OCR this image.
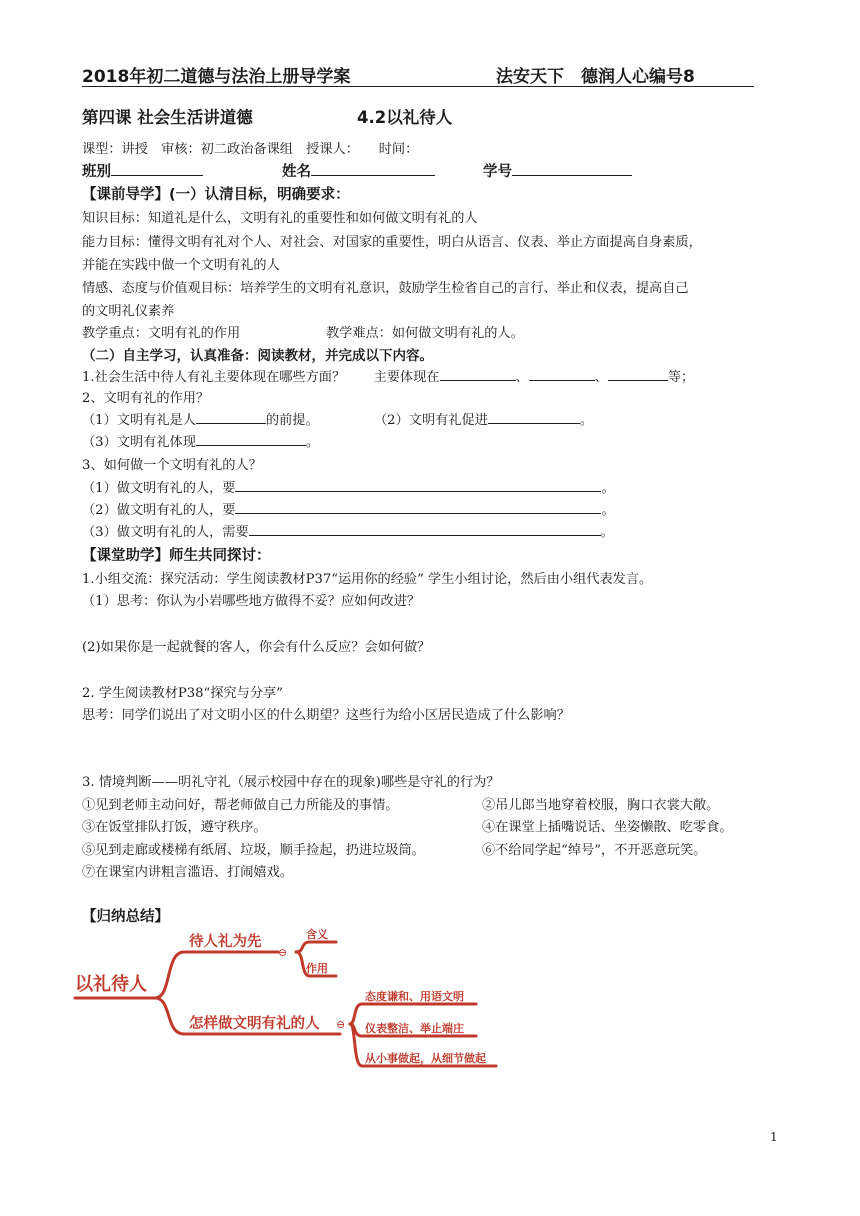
2018年初二道德与法治上册导学案	法安天下　德润人心编号8
第四课 社会生活讲道德	4.2以礼待人
课型：讲授　审核：初二政治备课组　授课人：　　时间：
班别	姓名	学号
【课前导学】(一）认清目标，明确要求：
知识目标：知道礼是什么，文明有礼的重要性和如何做文明有礼的人
能力目标：懂得文明有礼对个人、对社会、对国家的重要性，明白从语言、仪表、举止方面提高自身素质，
并能在实践中做一个文明有礼的人
情感、态度与价值观目标：培养学生的文明有礼意识，鼓励学生检省自己的言行、举止和仪表，提高自己
的文明礼仪素养
教学重点：文明有礼的作用	教学难点：如何做文明有礼的人。
（二）自主学习，认真准备：阅读教材，并完成以下内容。
1.社会生活中待人有礼主要体现在哪些方面？ 主要体现在	、	、	等；
2、文明有礼的作用？
（1）文明有礼是人	的前提。	（2）文明有礼促进	。
（3）文明有礼体现	。
3、如何做一个文明有礼的人？
（1）做文明有礼的人，要	。
（2）做文明有礼的人，要	。
（3）做文明有礼的人，需要	。
【课堂助学】师生共同探讨：
1.小组交流：探究活动：学生阅读教材P37“运用你的经验” 学生小组讨论，然后由小组代表发言。
（1）思考：你认为小岩哪些地方做得不妥？应如何改进？
(2)如果你是一起就餐的客人，你会有什么反应？会如何做？
2. 学生阅读教材P38“探究与分享”
思考：同学们说出了对文明小区的什么期望？这些行为给小区居民造成了什么影响？
3. 情境判断——明礼守礼（展示校园中存在的现象)哪些是守礼的行为？
①见到老师主动问好，帮老师做自己力所能及的事情。	②吊儿郎当地穿着校服，胸口衣裳大敞。
③在饭堂排队打饭，遵守秩序。	④在课堂上插嘴说话、坐姿懒散、吃零食。
⑤见到走廊或楼梯有纸屑、垃圾，顺手捡起，扔进垃圾筒。	⑥不给同学起“绰号”，不开恶意玩笑。
⑦在课室内讲粗言滥语、打闹嬉戏。
【归纳总结】
以礼待人
待人礼为先
⊖
含义
作用
怎样做文明有礼的人 ⊖
态度谦和、用语文明
仪表整洁、举止端庄
从小事做起，从细节做起
1
